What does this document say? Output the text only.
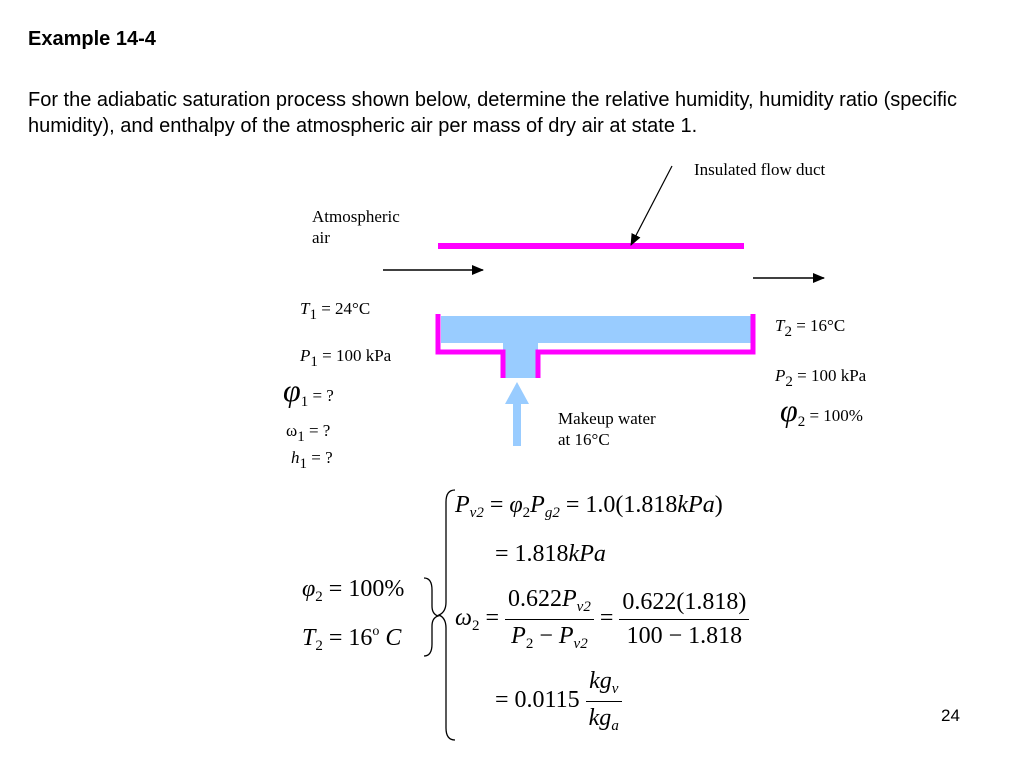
Example 14-4
For the adiabatic saturation process shown below, determine the relative humidity, humidity ratio (specific humidity), and enthalpy of the atmospheric air per mass of dry air at state 1.
Insulated flow duct
Atmospheric
air
T1 = 24°C
P1 = 100 kPa
φ1 = ?
ω1 = ?
h1 = ?
T2 = 16°C
P2 = 100 kPa
φ2 = 100%
Makeup water
at 16°C
$\varphi_2 = 100\%$
$T_2 = 16^o$ C
$P_{v2} = \varphi_2P_{g2} = 1.0(1.818kPa)$
= 1.818kPa
$\omega_2 = \frac{0.622P_{v2}}{P_2 - P_{v2}} = \frac{0.622(1.818)}{100 - 1.818}$
= $0.0115 \frac{kg_v}{kg_a}$	24
